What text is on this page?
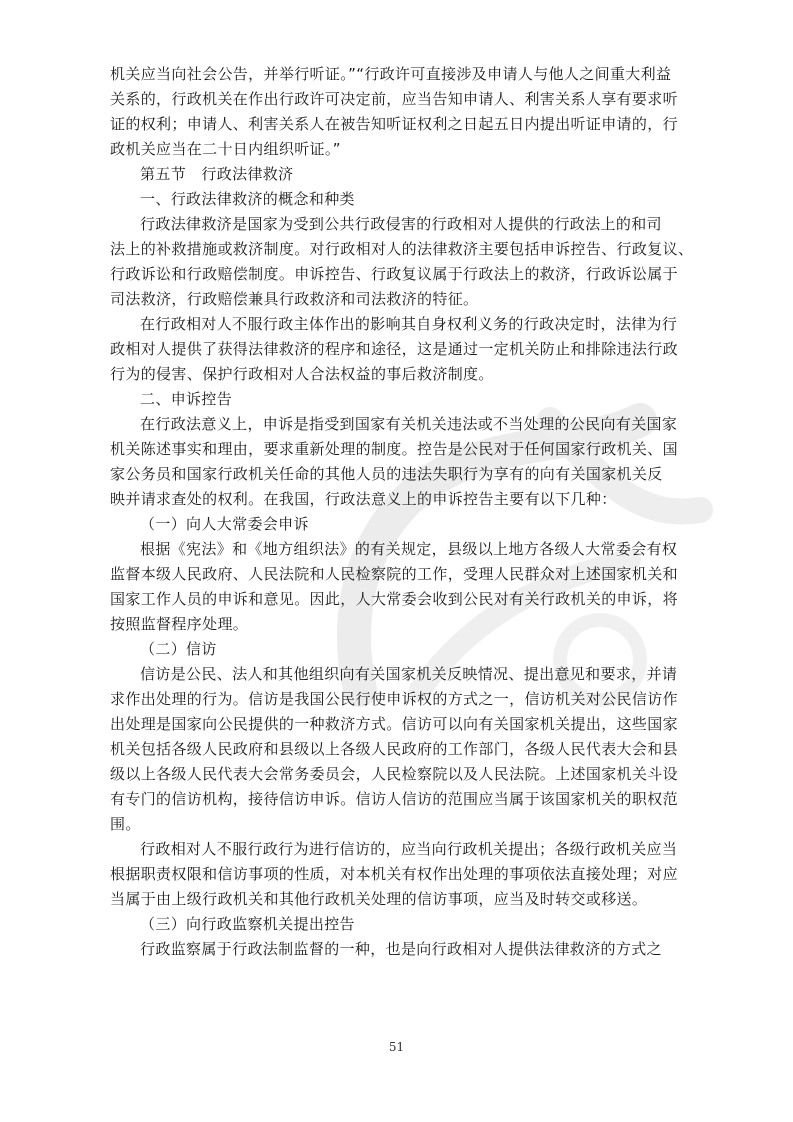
机关应当向社会公告，并举行听证。”“行政许可直接涉及申请人与他人之间重大利益

关系的，行政机关在作出行政许可决定前，应当告知申请人、利害关系人享有要求听

证的权利；申请人、利害关系人在被告知听证权利之日起五日内提出听证申请的，行

政机关应当在二十日内组织听证。”

第五节　行政法律救济

一、行政法律救济的概念和种类

行政法律救济是国家为受到公共行政侵害的行政相对人提供的行政法上的和司

法上的补救措施或救济制度。对行政相对人的法律救济主要包括申诉控告、行政复议、

行政诉讼和行政赔偿制度。申诉控告、行政复议属于行政法上的救济，行政诉讼属于

司法救济，行政赔偿兼具行政救济和司法救济的特征。

在行政相对人不服行政主体作出的影响其自身权利义务的行政决定时，法律为行

政相对人提供了获得法律救济的程序和途径，这是通过一定机关防止和排除违法行政

行为的侵害、保护行政相对人合法权益的事后救济制度。

二、申诉控告

在行政法意义上，申诉是指受到国家有关机关违法或不当处理的公民向有关国家

机关陈述事实和理由，要求重新处理的制度。控告是公民对于任何国家行政机关、国

家公务员和国家行政机关任命的其他人员的违法失职行为享有的向有关国家机关反

映并请求查处的权利。在我国，行政法意义上的申诉控告主要有以下几种：

（一）向人大常委会申诉

根据《宪法》和《地方组织法》的有关规定，县级以上地方各级人大常委会有权

监督本级人民政府、人民法院和人民检察院的工作，受理人民群众对上述国家机关和

国家工作人员的申诉和意见。因此，人大常委会收到公民对有关行政机关的申诉，将

按照监督程序处理。

（二）信访

信访是公民、法人和其他组织向有关国家机关反映情况、提出意见和要求，并请

求作出处理的行为。信访是我国公民行使申诉权的方式之一，信访机关对公民信访作

出处理是国家向公民提供的一种救济方式。信访可以向有关国家机关提出，这些国家

机关包括各级人民政府和县级以上各级人民政府的工作部门，各级人民代表大会和县

级以上各级人民代表大会常务委员会，人民检察院以及人民法院。上述国家机关斗设

有专门的信访机构，接待信访申诉。信访人信访的范围应当属于该国家机关的职权范

围。

行政相对人不服行政行为进行信访的，应当向行政机关提出；各级行政机关应当

根据职责权限和信访事项的性质，对本机关有权作出处理的事项依法直接处理；对应

当属于由上级行政机关和其他行政机关处理的信访事项，应当及时转交或移送。

（三）向行政监察机关提出控告

行政监察属于行政法制监督的一种，也是向行政相对人提供法律救济的方式之

51
